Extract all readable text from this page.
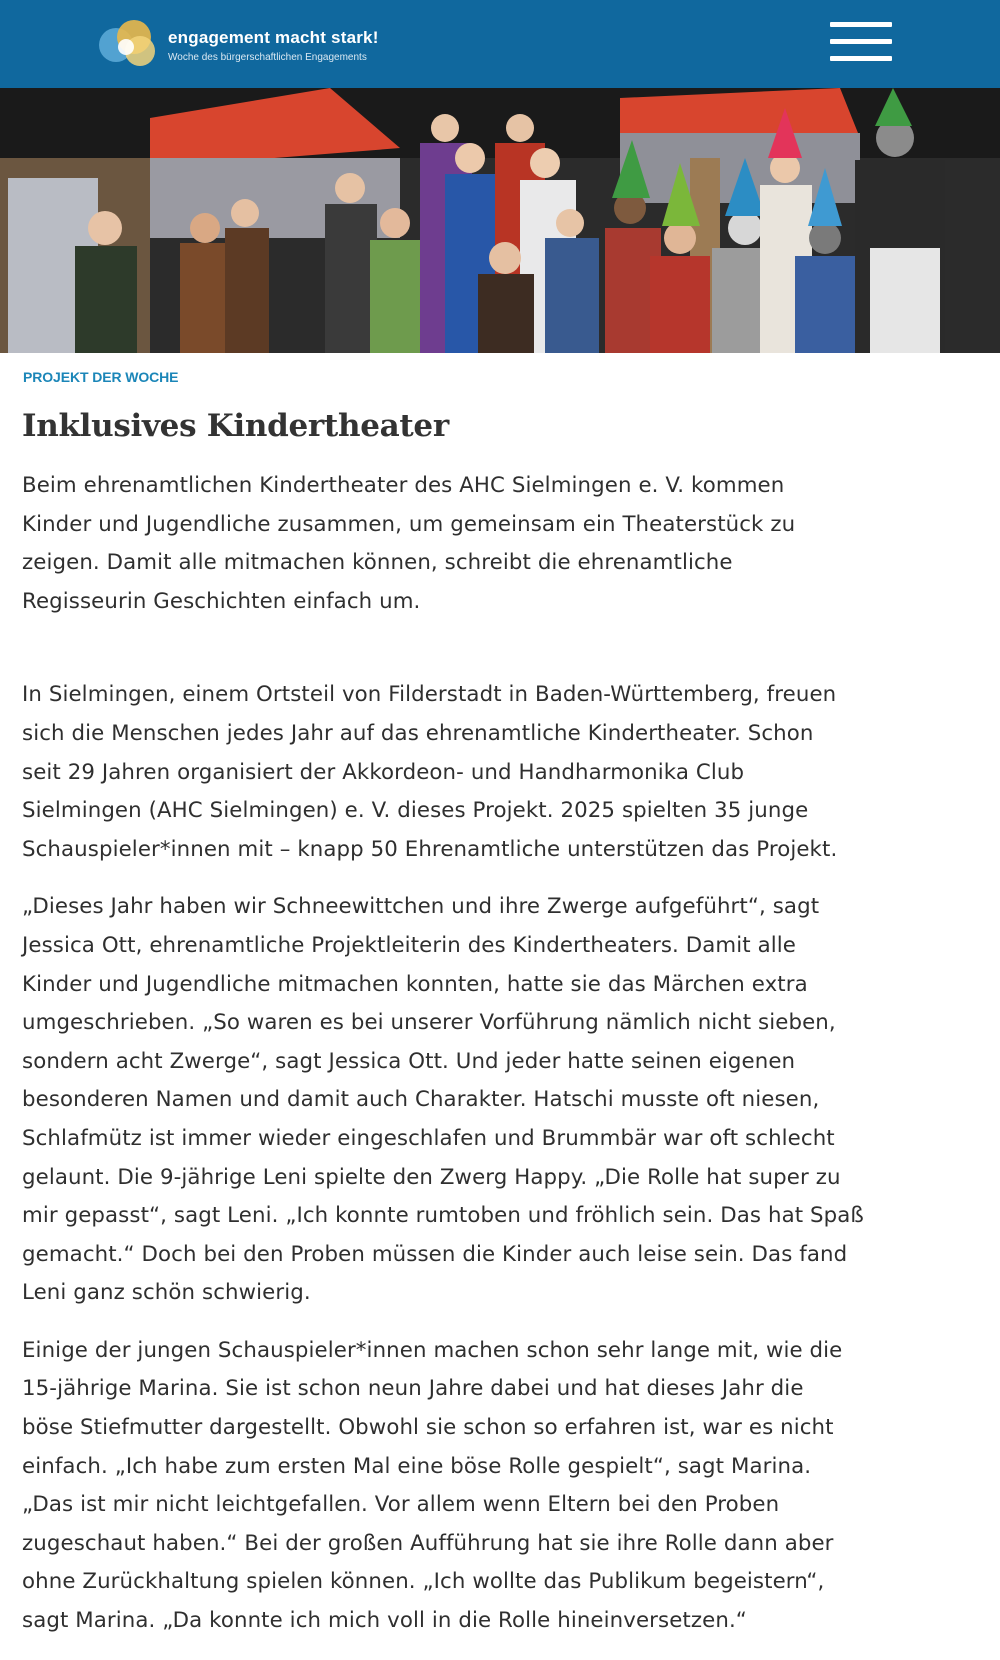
engagement macht stark!
Woche des bürgerschaftlichen Engagements
PROJEKT DER WOCHE
Inklusives Kindertheater

Beim ehrenamtlichen Kindertheater des AHC Sielmingen e. V. kommen
Kinder und Jugendliche zusammen, um gemeinsam ein Theaterstück zu
zeigen. Damit alle mitmachen können, schreibt die ehrenamtliche
Regisseurin Geschichten einfach um.

In Sielmingen, einem Ortsteil von Filderstadt in Baden-Württemberg, freuen
sich die Menschen jedes Jahr auf das ehrenamtliche Kindertheater. Schon
seit 29 Jahren organisiert der Akkordeon- und Handharmonika Club
Sielmingen (AHC Sielmingen) e. V. dieses Projekt. 2025 spielten 35 junge
Schauspieler*innen mit – knapp 50 Ehrenamtliche unterstützen das Projekt.

„Dieses Jahr haben wir Schneewittchen und ihre Zwerge aufgeführt“, sagt
Jessica Ott, ehrenamtliche Projektleiterin des Kindertheaters. Damit alle
Kinder und Jugendliche mitmachen konnten, hatte sie das Märchen extra
umgeschrieben. „So waren es bei unserer Vorführung nämlich nicht sieben,
sondern acht Zwerge“, sagt Jessica Ott. Und jeder hatte seinen eigenen
besonderen Namen und damit auch Charakter. Hatschi musste oft niesen,
Schlafmütz ist immer wieder eingeschlafen und Brummbär war oft schlecht
gelaunt. Die 9-jährige Leni spielte den Zwerg Happy. „Die Rolle hat super zu
mir gepasst“, sagt Leni. „Ich konnte rumtoben und fröhlich sein. Das hat Spaß
gemacht.“ Doch bei den Proben müssen die Kinder auch leise sein. Das fand
Leni ganz schön schwierig.

Einige der jungen Schauspieler*innen machen schon sehr lange mit, wie die
15-jährige Marina. Sie ist schon neun Jahre dabei und hat dieses Jahr die
böse Stiefmutter dargestellt. Obwohl sie schon so erfahren ist, war es nicht
einfach. „Ich habe zum ersten Mal eine böse Rolle gespielt“, sagt Marina.
„Das ist mir nicht leichtgefallen. Vor allem wenn Eltern bei den Proben
zugeschaut haben.“ Bei der großen Aufführung hat sie ihre Rolle dann aber
ohne Zurückhaltung spielen können. „Ich wollte das Publikum begeistern“,
sagt Marina. „Da konnte ich mich voll in die Rolle hineinversetzen.“
